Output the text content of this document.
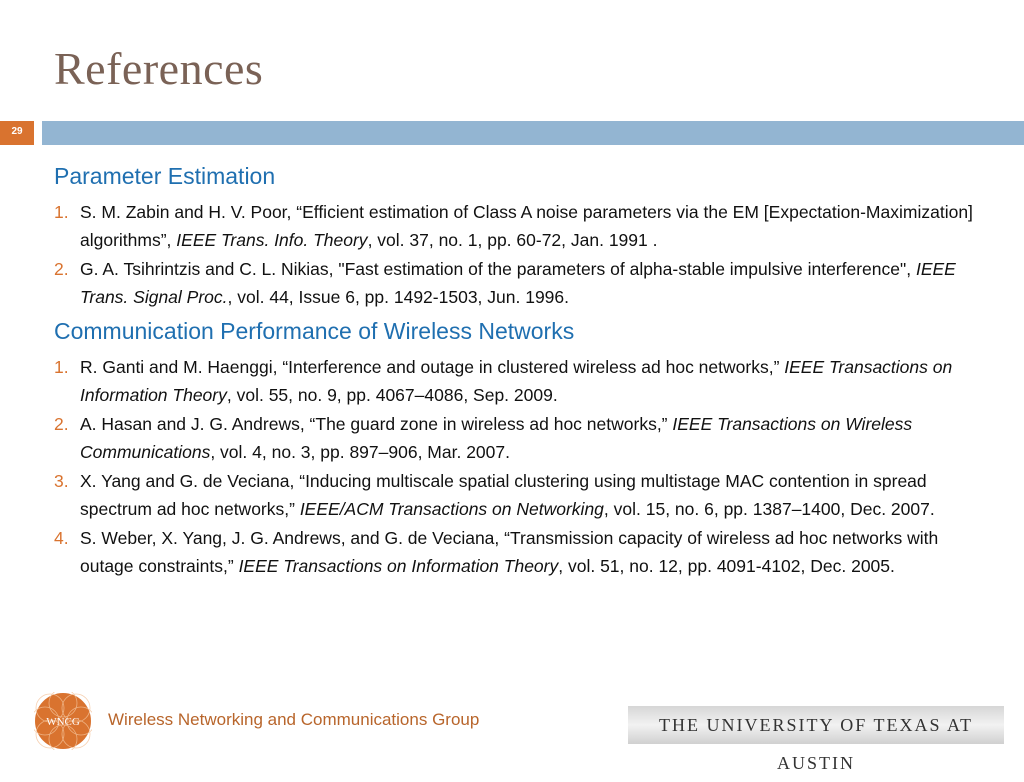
References
29
Parameter Estimation
1. S. M. Zabin and H. V. Poor, “Efficient estimation of Class A noise parameters via the EM [Expectation-Maximization] algorithms”, IEEE Trans. Info. Theory, vol. 37, no. 1, pp. 60-72, Jan. 1991 .
2. G. A. Tsihrintzis and C. L. Nikias, "Fast estimation of the parameters of alpha-stable impulsive interference", IEEE Trans. Signal Proc., vol. 44, Issue 6, pp. 1492-1503, Jun. 1996.
Communication Performance of Wireless Networks
1. R. Ganti and M. Haenggi, “Interference and outage in clustered wireless ad hoc networks,” IEEE Transactions on Information Theory, vol. 55, no. 9, pp. 4067–4086, Sep. 2009.
2. A. Hasan and J. G. Andrews, “The guard zone in wireless ad hoc networks,” IEEE Transactions on Wireless Communications, vol. 4, no. 3, pp. 897–906, Mar. 2007.
3. X. Yang and G. de Veciana, “Inducing multiscale spatial clustering using multistage MAC contention in spread spectrum ad hoc networks,” IEEE/ACM Transactions on Networking, vol. 15, no. 6, pp. 1387–1400, Dec. 2007.
4. S. Weber, X. Yang, J. G. Andrews, and G. de Veciana, “Transmission capacity of wireless ad hoc networks with outage constraints,” IEEE Transactions on Information Theory, vol. 51, no. 12, pp. 4091-4102, Dec. 2005.
WNCG Wireless Networking and Communications Group	THE UNIVERSITY OF TEXAS AT AUSTIN
